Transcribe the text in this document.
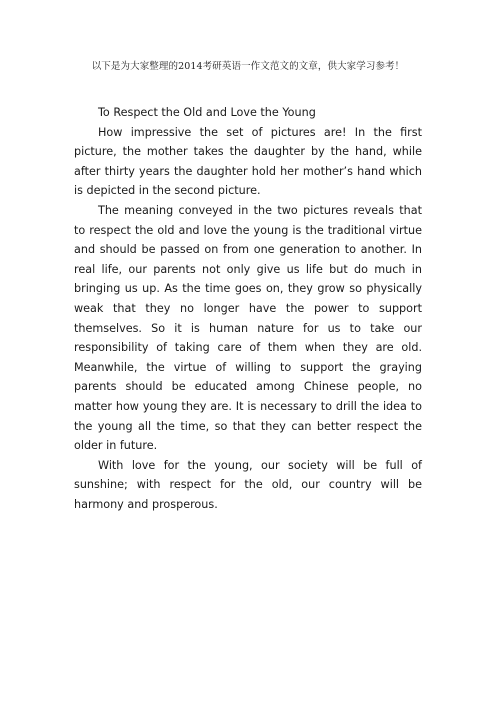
以下是为大家整理的2014考研英语一作文范文的文章，供大家学习参考！

To Respect the Old and Love the Young

How impressive the set of pictures are! In the first picture, the mother takes the daughter by the hand, while after thirty years the daughter hold her mother’s hand which is depicted in the second picture.

The meaning conveyed in the two pictures reveals that to respect the old and love the young is the traditional virtue and should be passed on from one generation to another. In real life, our parents not only give us life but do much in bringing us up. As the time goes on, they grow so physically weak that they no longer have the power to support themselves. So it is human nature for us to take our responsibility of taking care of them when they are old. Meanwhile, the virtue of willing to support the graying parents should be educated among Chinese people, no matter how young they are. It is necessary to drill the idea to the young all the time, so that they can better respect the older in future.

With love for the young, our society will be full of sunshine; with respect for the old, our country will be harmony and prosperous.
